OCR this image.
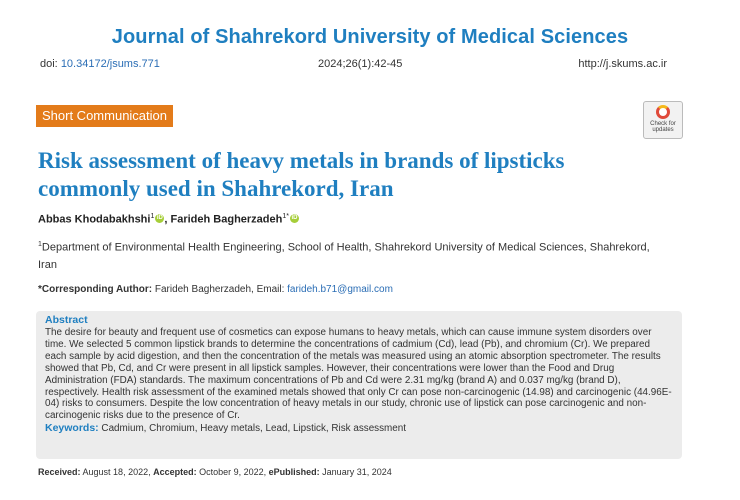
Journal of Shahrekord University of Medical Sciences
doi: 10.34172/jsums.771	2024;26(1):42-45	http://j.skums.ac.ir
Short Communication
Check for
updates
Risk assessment of heavy metals in brands of lipsticks commonly used in Shahrekord, Iran
Abbas Khodabakhshi$^1$ iD , Farideh Bagherzadeh$^{1*}$ iD
$^1$Department of Environmental Health Engineering, School of Health, Shahrekord University of Medical Sciences, Shahrekord, Iran
*Corresponding Author: Farideh Bagherzadeh, Email: farideh.b71@gmail.com
Abstract
The desire for beauty and frequent use of cosmetics can expose humans to heavy metals, which can cause immune system disorders over time. We selected 5 common lipstick brands to determine the concentrations of cadmium (Cd), lead (Pb), and chromium (Cr). We prepared each sample by acid digestion, and then the concentration of the metals was measured using an atomic absorption spectrometer. The results showed that Pb, Cd, and Cr were present in all lipstick samples. However, their concentrations were lower than the Food and Drug Administration (FDA) standards. The maximum concentrations of Pb and Cd were 2.31 mg/kg (brand A) and 0.037 mg/kg (brand D), respectively. Health risk assessment of the examined metals showed that only Cr can pose non-carcinogenic (14.98) and carcinogenic (44.96E-04) risks to consumers. Despite the low concentration of heavy metals in our study, chronic use of lipstick can pose carcinogenic and non-carcinogenic risks due to the presence of Cr.
Keywords: Cadmium, Chromium, Heavy metals, Lead, Lipstick, Risk assessment
Received: August 18, 2022, Accepted: October 9, 2022, ePublished: January 31, 2024
